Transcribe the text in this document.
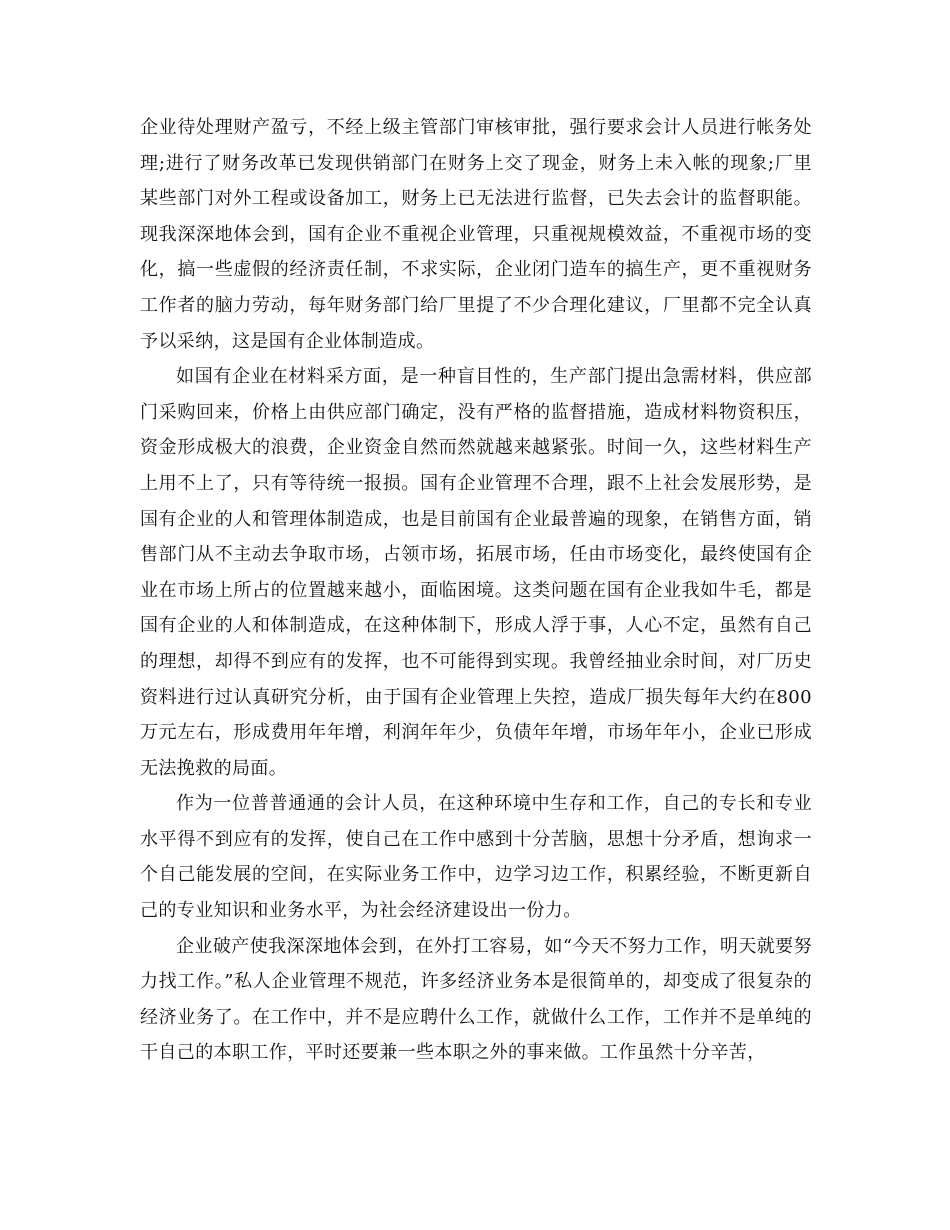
企业待处理财产盈亏，不经上级主管部门审核审批，强行要求会计人员进行帐务处理;进行了财务改革已发现供销部门在财务上交了现金，财务上未入帐的现象;厂里某些部门对外工程或设备加工，财务上已无法进行监督，已失去会计的监督职能。现我深深地体会到，国有企业不重视企业管理，只重视规模效益，不重视市场的变化，搞一些虚假的经济责任制，不求实际，企业闭门造车的搞生产，更不重视财务工作者的脑力劳动，每年财务部门给厂里提了不少合理化建议，厂里都不完全认真予以采纳，这是国有企业体制造成。

如国有企业在材料采方面，是一种盲目性的，生产部门提出急需材料，供应部门采购回来，价格上由供应部门确定，没有严格的监督措施，造成材料物资积压，资金形成极大的浪费，企业资金自然而然就越来越紧张。时间一久，这些材料生产上用不上了，只有等待统一报损。国有企业管理不合理，跟不上社会发展形势，是国有企业的人和管理体制造成，也是目前国有企业最普遍的现象，在销售方面，销售部门从不主动去争取市场，占领市场，拓展市场，任由市场变化，最终使国有企业在市场上所占的位置越来越小，面临困境。这类问题在国有企业我如牛毛，都是国有企业的人和体制造成，在这种体制下，形成人浮于事，人心不定，虽然有自己的理想，却得不到应有的发挥，也不可能得到实现。我曾经抽业余时间，对厂历史资料进行过认真研究分析，由于国有企业管理上失控，造成厂损失每年大约在800万元左右，形成费用年年增，利润年年少，负债年年增，市场年年小，企业已形成无法挽救的局面。

作为一位普普通通的会计人员，在这种环境中生存和工作，自己的专长和专业水平得不到应有的发挥，使自己在工作中感到十分苦脑，思想十分矛盾，想询求一个自己能发展的空间，在实际业务工作中，边学习边工作，积累经验，不断更新自己的专业知识和业务水平，为社会经济建设出一份力。

企业破产使我深深地体会到，在外打工容易，如“今天不努力工作，明天就要努力找工作。”私人企业管理不规范，许多经济业务本是很简单的，却变成了很复杂的经济业务了。在工作中，并不是应聘什么工作，就做什么工作，工作并不是单纯的干自己的本职工作，平时还要兼一些本职之外的事来做。工作虽然十分辛苦，
